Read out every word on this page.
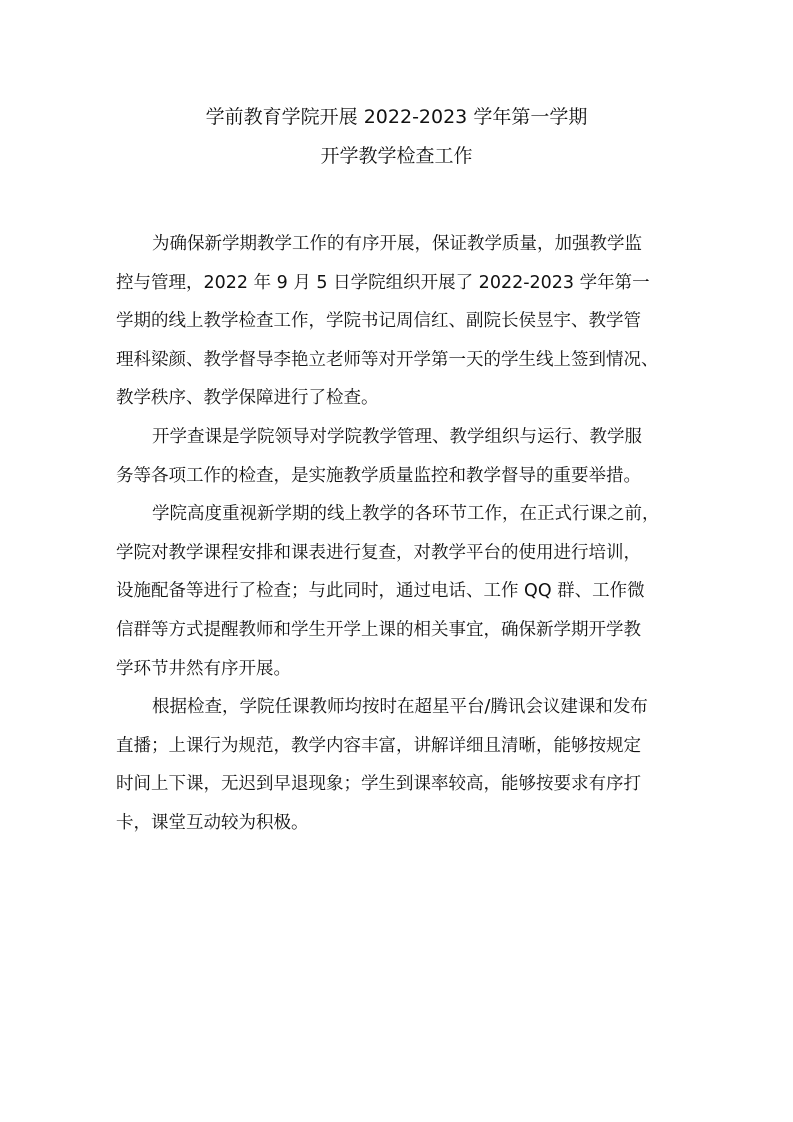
学前教育学院开展 2022-2023 学年第一学期
开学教学检查工作
为确保新学期教学工作的有序开展，保证教学质量，加强教学监
控与管理，2022 年 9 月 5 日学院组织开展了 2022-2023 学年第一
学期的线上教学检查工作，学院书记周信红、副院长侯昱宇、教学管
理科梁颜、教学督导李艳立老师等对开学第一天的学生线上签到情况、
教学秩序、教学保障进行了检查。
开学查课是学院领导对学院教学管理、教学组织与运行、教学服
务等各项工作的检查，是实施教学质量监控和教学督导的重要举措。
学院高度重视新学期的线上教学的各环节工作，在正式行课之前，
学院对教学课程安排和课表进行复查，对教学平台的使用进行培训，
设施配备等进行了检查；与此同时，通过电话、工作 QQ 群、工作微
信群等方式提醒教师和学生开学上课的相关事宜，确保新学期开学教
学环节井然有序开展。
根据检查，学院任课教师均按时在超星平台/腾讯会议建课和发布
直播；上课行为规范，教学内容丰富，讲解详细且清晰，能够按规定
时间上下课，无迟到早退现象；学生到课率较高，能够按要求有序打
卡，课堂互动较为积极。
